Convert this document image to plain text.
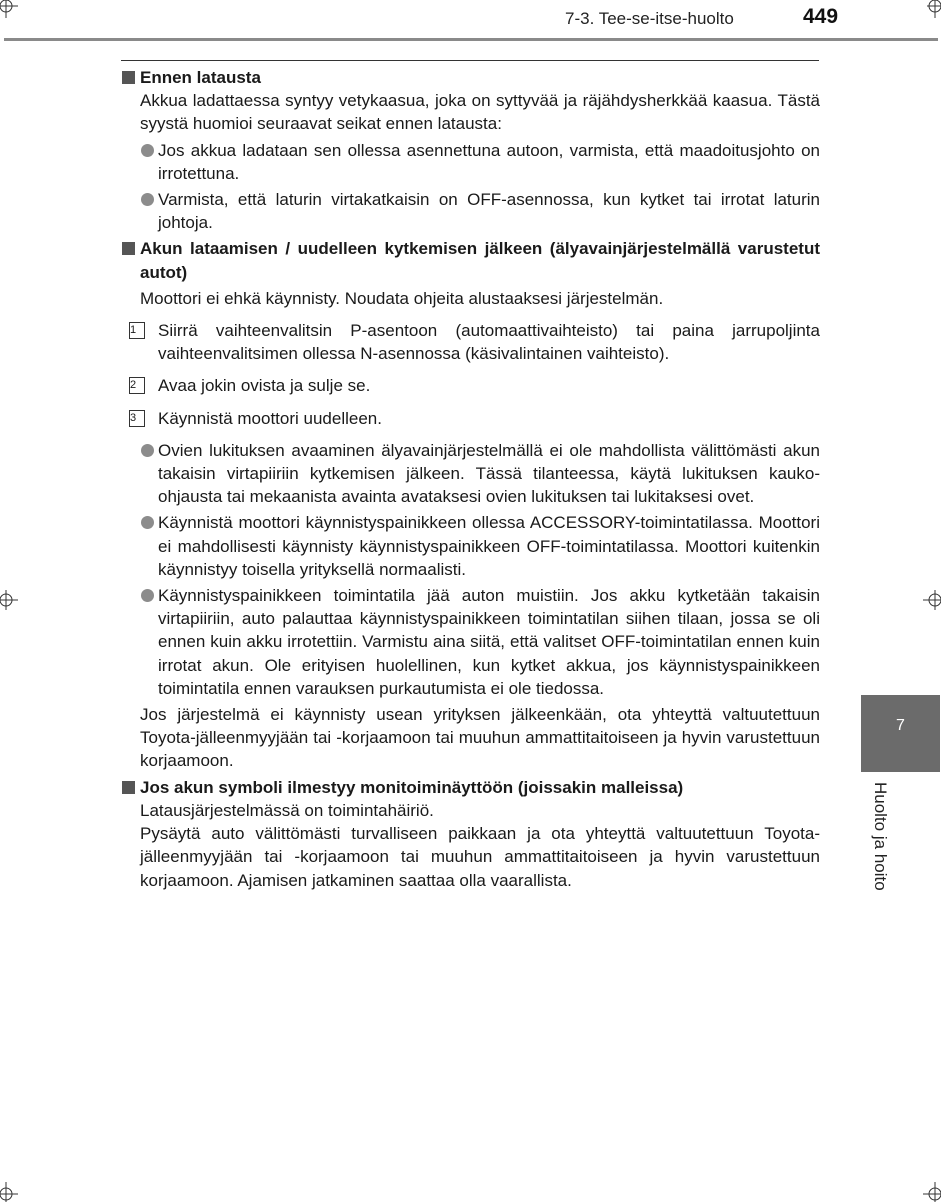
7-3. Tee-se-itse-huolto	449
Ennen latausta
Akkua ladattaessa syntyy vetykaasua, joka on syttyvää ja räjähdysherkkää kaasua. Tästä syystä huomioi seuraavat seikat ennen latausta:
Jos akkua ladataan sen ollessa asennettuna autoon, varmista, että maadoitusjohto on irrotettuna.
Varmista, että laturin virtakatkaisin on OFF-asennossa, kun kytket tai irrotat laturin johtoja.
Akun lataamisen / uudelleen kytkemisen jälkeen (älyavainjärjestelmällä varustetut autot)
Moottori ei ehkä käynnisty. Noudata ohjeita alustaaksesi järjestelmän.
1	Siirrä vaihteenvalitsin P-asentoon (automaattivaihteisto) tai paina jarrupoljinta vaihteenvalitsimen ollessa N-asennossa (käsivalintainen vaihteisto).
2	Avaa jokin ovista ja sulje se.
3	Käynnistä moottori uudelleen.
Ovien lukituksen avaaminen älyavainjärjestelmällä ei ole mahdollista välittömästi akun takaisin virtapiiriin kytkemisen jälkeen. Tässä tilanteessa, käytä lukituksen kauko-ohjausta tai mekaanista avainta avataksesi ovien lukituksen tai lukitaksesi ovet.
Käynnistä moottori käynnistyspainikkeen ollessa ACCESSORY-toimintatilassa. Moottori ei mahdollisesti käynnisty käynnistyspainikkeen OFF-toimintatilassa. Moottori kuitenkin käynnistyy toisella yrityksellä normaalisti.
Käynnistyspainikkeen toimintatila jää auton muistiin. Jos akku kytketään takaisin virtapiiriin, auto palauttaa käynnistyspainikkeen toimintatilan siihen tilaan, jossa se oli ennen kuin akku irrotettiin. Varmistu aina siitä, että valitset OFF-toimintatilan ennen kuin irrotat akun. Ole erityisen huolellinen, kun kytket akkua, jos käynnistyspainikkeen toimintatila ennen varauksen purkautumista ei ole tiedossa.
Jos järjestelmä ei käynnisty usean yrityksen jälkeenkään, ota yhteyttä valtuutettuun Toyota-jälleenmyyjään tai -korjaamoon tai muuhun ammattitaitoiseen ja hyvin varustettuun korjaamoon.
Jos akun symboli ilmestyy monitoiminäyttöön (joissakin malleissa)
Latausjärjestelmässä on toimintahäiriö.
Pysäytä auto välittömästi turvalliseen paikkaan ja ota yhteyttä valtuutettuun Toyota-jälleenmyyjään tai -korjaamoon tai muuhun ammattitaitoiseen ja hyvin varustettuun korjaamoon. Ajamisen jatkaminen saattaa olla vaarallista.
7
Huolto ja hoito
